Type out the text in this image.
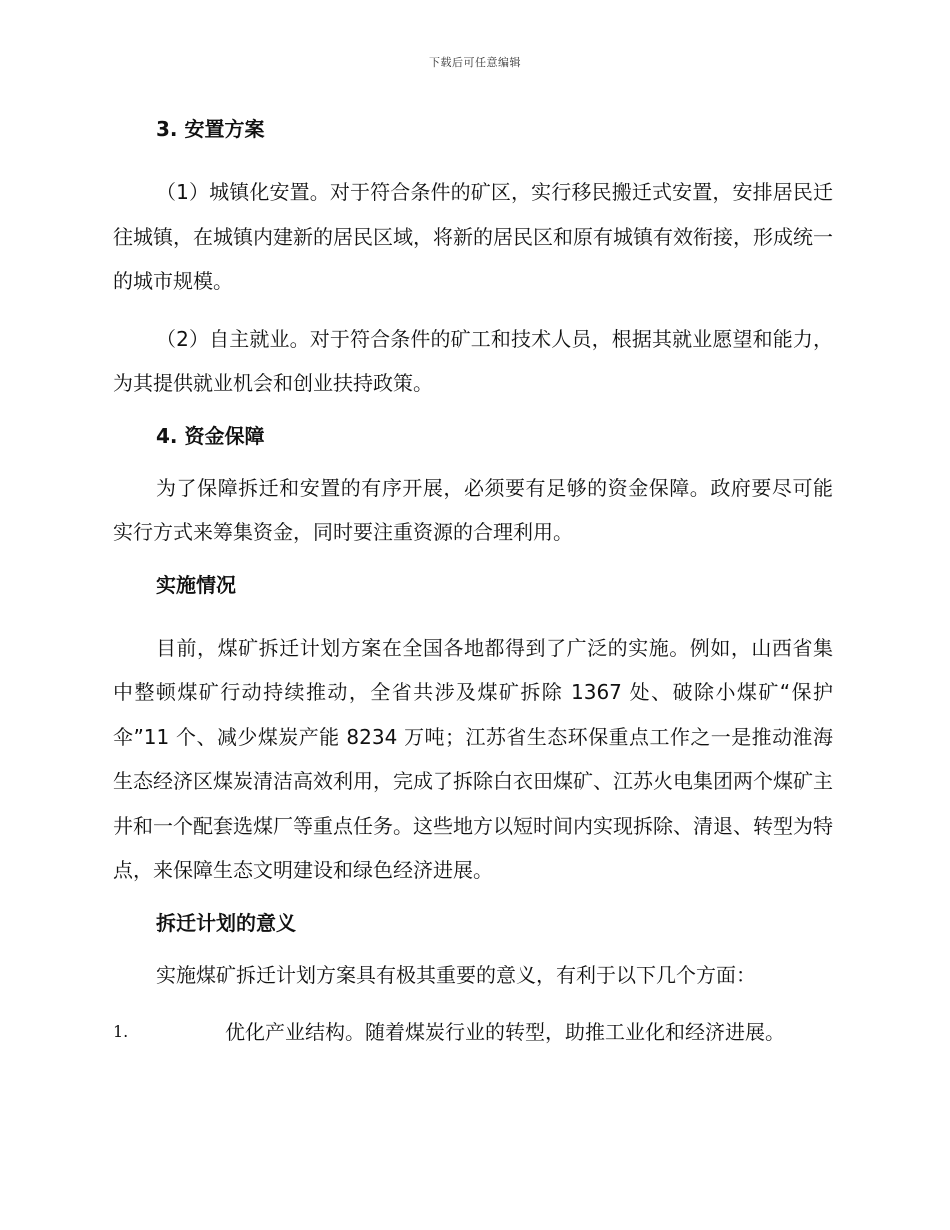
下载后可任意编辑
3. 安置方案

（1）城镇化安置。对于符合条件的矿区，实行移民搬迁式安置，安排居民迁往城镇，在城镇内建新的居民区域，将新的居民区和原有城镇有效衔接，形成统一的城市规模。

（2）自主就业。对于符合条件的矿工和技术人员，根据其就业愿望和能力，为其提供就业机会和创业扶持政策。

4. 资金保障

为了保障拆迁和安置的有序开展，必须要有足够的资金保障。政府要尽可能实行方式来筹集资金，同时要注重资源的合理利用。

实施情况

目前，煤矿拆迁计划方案在全国各地都得到了广泛的实施。例如，山西省集中整顿煤矿行动持续推动，全省共涉及煤矿拆除 1367 处、破除小煤矿“保护伞”11 个、减少煤炭产能 8234 万吨；江苏省生态环保重点工作之一是推动淮海生态经济区煤炭清洁高效利用，完成了拆除白衣田煤矿、江苏火电集团两个煤矿主井和一个配套选煤厂等重点任务。这些地方以短时间内实现拆除、清退、转型为特点，来保障生态文明建设和绿色经济进展。

拆迁计划的意义

实施煤矿拆迁计划方案具有极其重要的意义，有利于以下几个方面：

1.	优化产业结构。随着煤炭行业的转型，助推工业化和经济进展。
